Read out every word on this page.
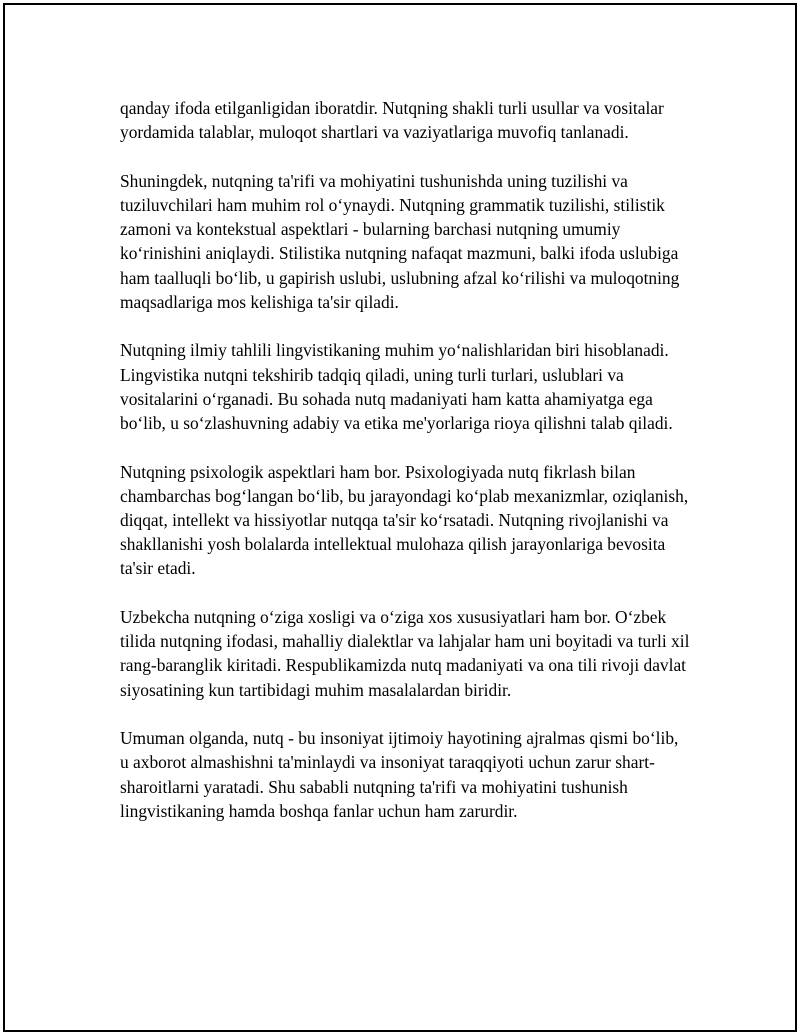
qanday ifoda etilganligidan iboratdir. Nutqning shakli turli usullar va vositalar yordamida talablar, muloqot shartlari va vaziyatlariga muvofiq tanlanadi.

Shuningdek, nutqning ta'rifi va mohiyatini tushunishda uning tuzilishi va tuziluvchilari ham muhim rol oʻynaydi. Nutqning grammatik tuzilishi, stilistik zamoni va kontekstual aspektlari - bularning barchasi nutqning umumiy koʻrinishini aniqlaydi. Stilistika nutqning nafaqat mazmuni, balki ifoda uslubiga ham taalluqli boʻlib, u gapirish uslubi, uslubning afzal koʻrilishi va muloqotning maqsadlariga mos kelishiga ta'sir qiladi.

Nutqning ilmiy tahlili lingvistikaning muhim yoʻnalishlaridan biri hisoblanadi. Lingvistika nutqni tekshirib tadqiq qiladi, uning turli turlari, uslublari va vositalarini oʻrganadi. Bu sohada nutq madaniyati ham katta ahamiyatga ega boʻlib, u soʻzlashuvning adabiy va etika me'yorlariga rioya qilishni talab qiladi.

Nutqning psixologik aspektlari ham bor. Psixologiyada nutq fikrlash bilan chambarchas bogʻlangan boʻlib, bu jarayondagi koʻplab mexanizmlar, oziqlanish, diqqat, intellekt va hissiyotlar nutqqa ta'sir koʻrsatadi. Nutqning rivojlanishi va shakllanishi yosh bolalarda intellektual mulohaza qilish jarayonlariga bevosita ta'sir etadi.

Uzbekcha nutqning oʻziga xosligi va oʻziga xos xususiyatlari ham bor. Oʻzbek tilida nutqning ifodasi, mahalliy dialektlar va lahjalar ham uni boyitadi va turli xil rang-baranglik kiritadi. Respublikamizda nutq madaniyati va ona tili rivoji davlat siyosatining kun tartibidagi muhim masalalardan biridir.

Umuman olganda, nutq - bu insoniyat ijtimoiy hayotining ajralmas qismi boʻlib, u axborot almashishni ta'minlaydi va insoniyat taraqqiyoti uchun zarur shart-sharoitlarni yaratadi. Shu sababli nutqning ta'rifi va mohiyatini tushunish lingvistikaning hamda boshqa fanlar uchun ham zarurdir.
